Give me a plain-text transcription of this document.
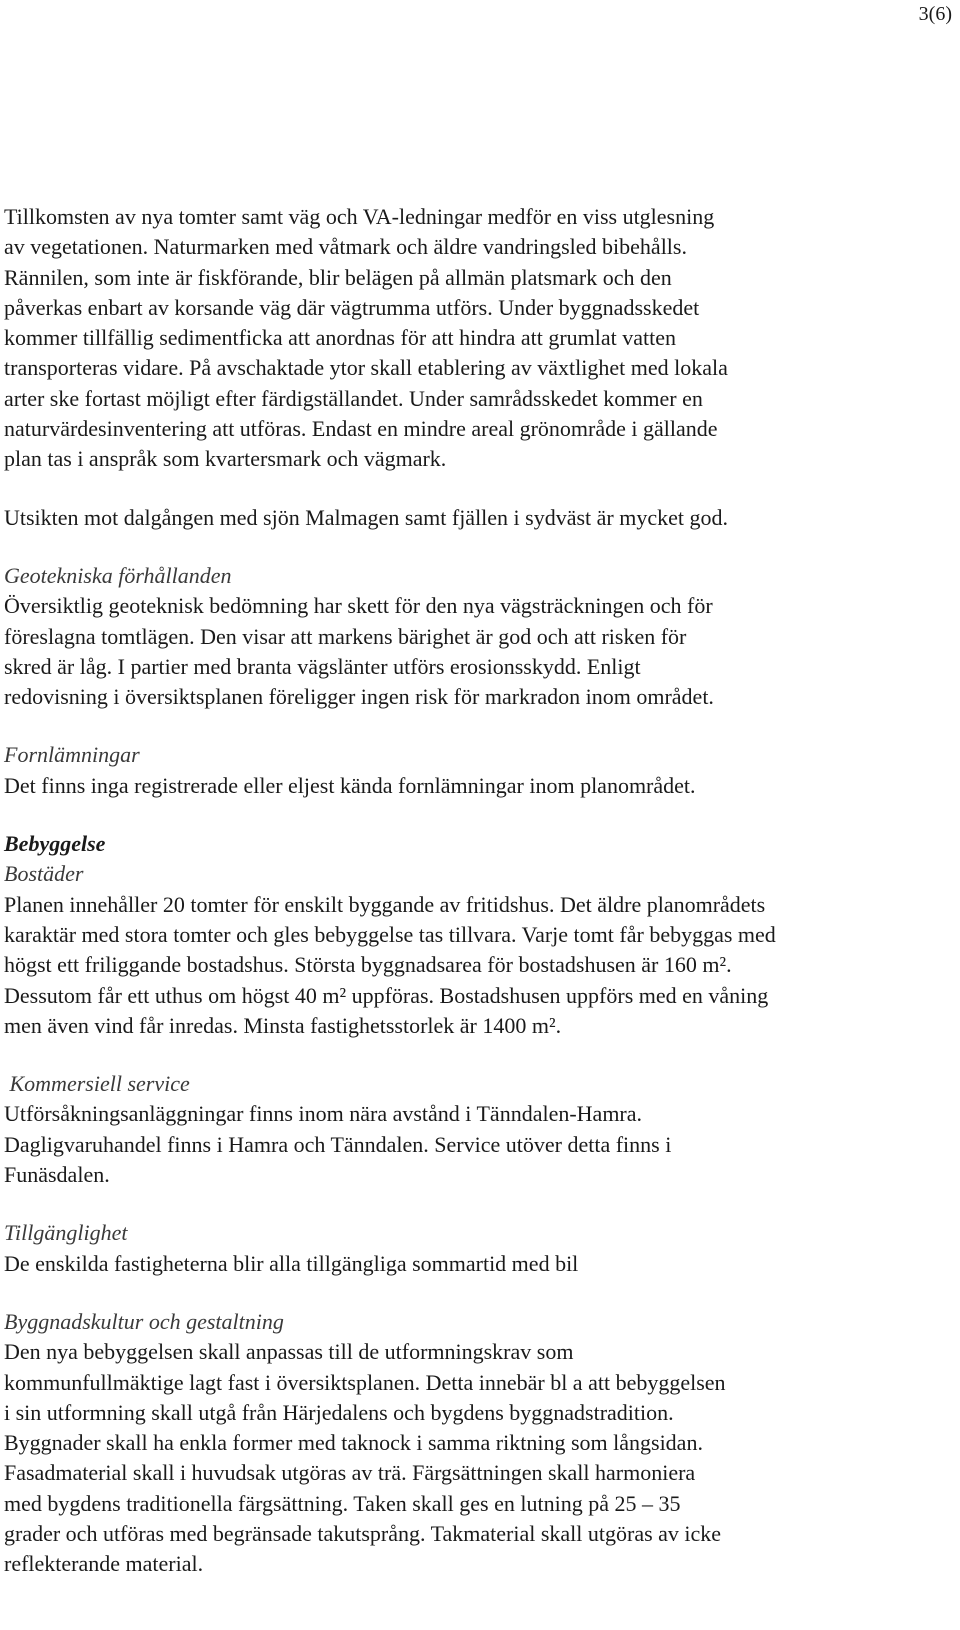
3(6)

Tillkomsten av nya tomter samt väg och VA-ledningar medför en viss utglesning

av vegetationen. Naturmarken med våtmark och äldre vandringsled bibehålls.

Rännilen, som inte är fiskförande, blir belägen på allmän platsmark och den

påverkas enbart av korsande väg där vägtrumma utförs. Under byggnadsskedet

kommer tillfällig sedimentficka att anordnas för att hindra att grumlat vatten

transporteras vidare. På avschaktade ytor skall etablering av växtlighet med lokala

arter ske fortast möjligt efter färdigställandet. Under samrådsskedet kommer en

naturvärdesinventering att utföras. Endast en mindre areal grönområde i gällande

plan tas i anspråk som kvartersmark och vägmark.

Utsikten mot dalgången med sjön Malmagen samt fjällen i sydväst är mycket god.

Geotekniska förhållanden

Översiktlig geoteknisk bedömning har skett för den nya vägsträckningen och för

föreslagna tomtlägen. Den visar att markens bärighet är god och att risken för

skred är låg. I partier med branta vägslänter utförs erosionsskydd. Enligt

redovisning i översiktsplanen föreligger ingen risk för markradon inom området.

Fornlämningar

Det finns inga registrerade eller eljest kända fornlämningar inom planområdet.

Bebyggelse

Bostäder

Planen innehåller 20 tomter för enskilt byggande av fritidshus. Det äldre planområdets

karaktär med stora tomter och gles bebyggelse tas tillvara. Varje tomt får bebyggas med

högst ett friliggande bostadshus. Största byggnadsarea för bostadshusen är 160 m².

Dessutom får ett uthus om högst 40 m² uppföras. Bostadshusen uppförs med en våning

men även vind får inredas. Minsta fastighetsstorlek är 1400 m².

Kommersiell service

Utförsåkningsanläggningar finns inom nära avstånd i Tänndalen-Hamra.

Dagligvaruhandel finns i Hamra och Tänndalen. Service utöver detta finns i

Funäsdalen.

Tillgänglighet

De enskilda fastigheterna blir alla tillgängliga sommartid med bil

Byggnadskultur och gestaltning

Den nya bebyggelsen skall anpassas till de utformningskrav som

kommunfullmäktige lagt fast i översiktsplanen. Detta innebär bl a att bebyggelsen

i sin utformning skall utgå från Härjedalens och bygdens byggnadstradition.

Byggnader skall ha enkla former med taknock i samma riktning som långsidan.

Fasadmaterial skall i huvudsak utgöras av trä. Färgsättningen skall harmoniera

med bygdens traditionella färgsättning. Taken skall ges en lutning på 25 – 35

grader och utföras med begränsade takutsprång. Takmaterial skall utgöras av icke

reflekterande material.
